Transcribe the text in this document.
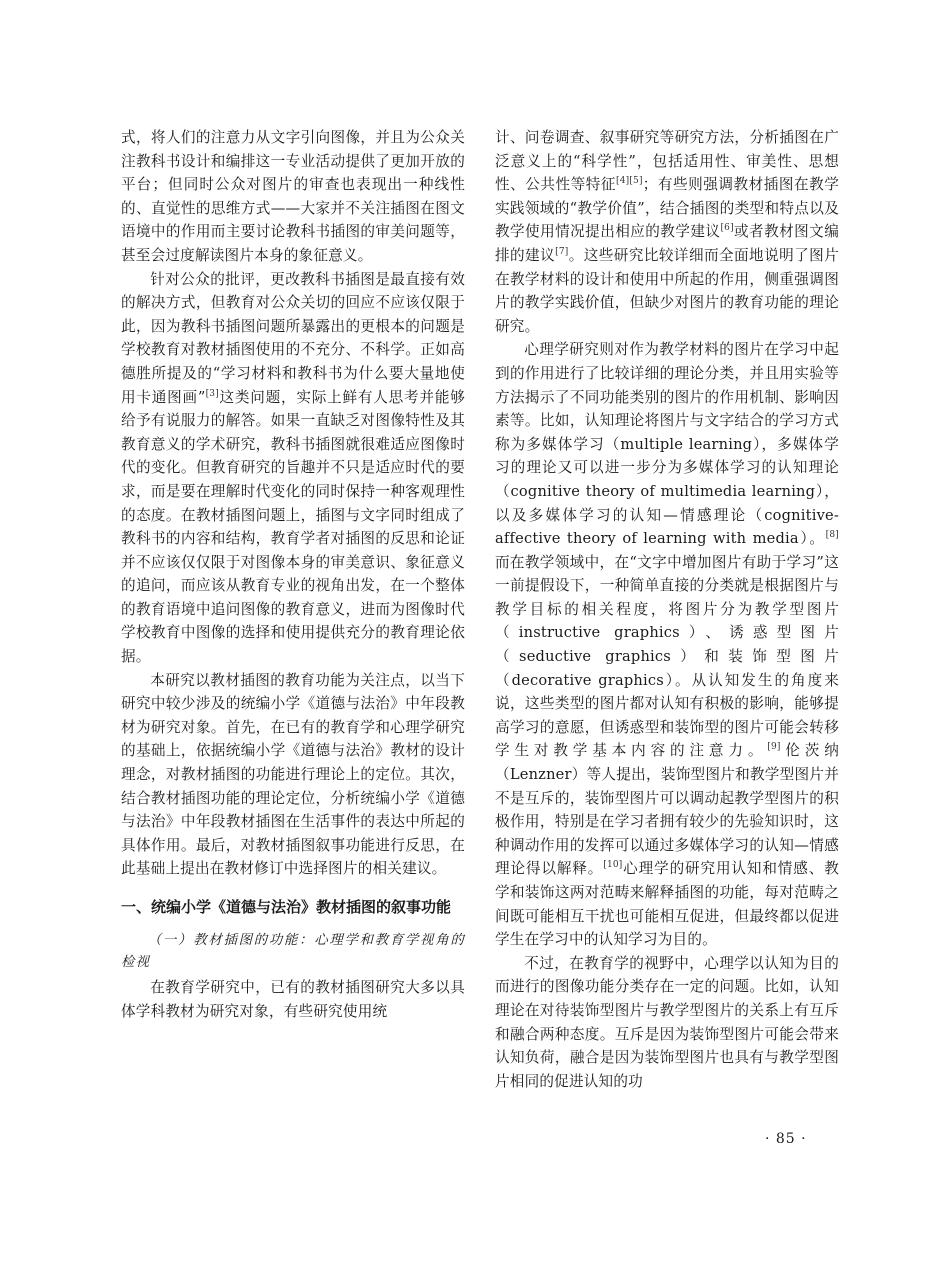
式，将人们的注意力从文字引向图像，并且为公众关注教科书设计和编排这一专业活动提供了更加开放的平台；但同时公众对图片的审查也表现出一种线性的、直觉性的思维方式——大家并不关注插图在图文语境中的作用而主要讨论教科书插图的审美问题等，甚至会过度解读图片本身的象征意义。

针对公众的批评，更改教科书插图是最直接有效的解决方式，但教育对公众关切的回应不应该仅限于此，因为教科书插图问题所暴露出的更根本的问题是学校教育对教材插图使用的不充分、不科学。正如高德胜所提及的“学习材料和教科书为什么要大量地使用卡通图画”[3]这类问题，实际上鲜有人思考并能够给予有说服力的解答。如果一直缺乏对图像特性及其教育意义的学术研究，教科书插图就很难适应图像时代的变化。但教育研究的旨趣并不只是适应时代的要求，而是要在理解时代变化的同时保持一种客观理性的态度。在教材插图问题上，插图与文字同时组成了教科书的内容和结构，教育学者对插图的反思和论证并不应该仅仅限于对图像本身的审美意识、象征意义的追问，而应该从教育专业的视角出发，在一个整体的教育语境中追问图像的教育意义，进而为图像时代学校教育中图像的选择和使用提供充分的教育理论依据。

本研究以教材插图的教育功能为关注点，以当下研究中较少涉及的统编小学《道德与法治》中年段教材为研究对象。首先，在已有的教育学和心理学研究的基础上，依据统编小学《道德与法治》教材的设计理念，对教材插图的功能进行理论上的定位。其次，结合教材插图功能的理论定位，分析统编小学《道德与法治》中年段教材插图在生活事件的表达中所起的具体作用。最后，对教材插图叙事功能进行反思，在此基础上提出在教材修订中选择图片的相关建议。

一、统编小学《道德与法治》教材插图的叙事功能
（一）教材插图的功能：心理学和教育学视角的检视

在教育学研究中，已有的教材插图研究大多以具体学科教材为研究对象，有些研究使用统

计、问卷调查、叙事研究等研究方法，分析插图在广泛意义上的“科学性”，包括适用性、审美性、思想性、公共性等特征[4][5]；有些则强调教材插图在教学实践领域的“教学价值”，结合插图的类型和特点以及教学使用情况提出相应的教学建议[6]或者教材图文编排的建议[7]。这些研究比较详细而全面地说明了图片在教学材料的设计和使用中所起的作用，侧重强调图片的教学实践价值，但缺少对图片的教育功能的理论研究。

心理学研究则对作为教学材料的图片在学习中起到的作用进行了比较详细的理论分类，并且用实验等方法揭示了不同功能类别的图片的作用机制、影响因素等。比如，认知理论将图片与文字结合的学习方式称为多媒体学习（multiple learning），多媒体学习的理论又可以进一步分为多媒体学习的认知理论（cognitive theory of multimedia learning），以及多媒体学习的认知—情感理论（cognitive-affective theory of learning with media）。[8]而在教学领域中，在“文字中增加图片有助于学习”这一前提假设下，一种简单直接的分类就是根据图片与教学目标的相关程度，将图片分为教学型图片（instructive graphics）、诱惑型图片（seductive graphics）和装饰型图片（decorative graphics）。从认知发生的角度来说，这些类型的图片都对认知有积极的影响，能够提高学习的意愿，但诱惑型和装饰型的图片可能会转移学生对教学基本内容的注意力。[9]伦茨纳（Lenzner）等人提出，装饰型图片和教学型图片并不是互斥的，装饰型图片可以调动起教学型图片的积极作用，特别是在学习者拥有较少的先验知识时，这种调动作用的发挥可以通过多媒体学习的认知—情感理论得以解释。[10]心理学的研究用认知和情感、教学和装饰这两对范畴来解释插图的功能，每对范畴之间既可能相互干扰也可能相互促进，但最终都以促进学生在学习中的认知学习为目的。

不过，在教育学的视野中，心理学以认知为目的而进行的图像功能分类存在一定的问题。比如，认知理论在对待装饰型图片与教学型图片的关系上有互斥和融合两种态度。互斥是因为装饰型图片可能会带来认知负荷，融合是因为装饰型图片也具有与教学型图片相同的促进认知的功

· 85 ·
